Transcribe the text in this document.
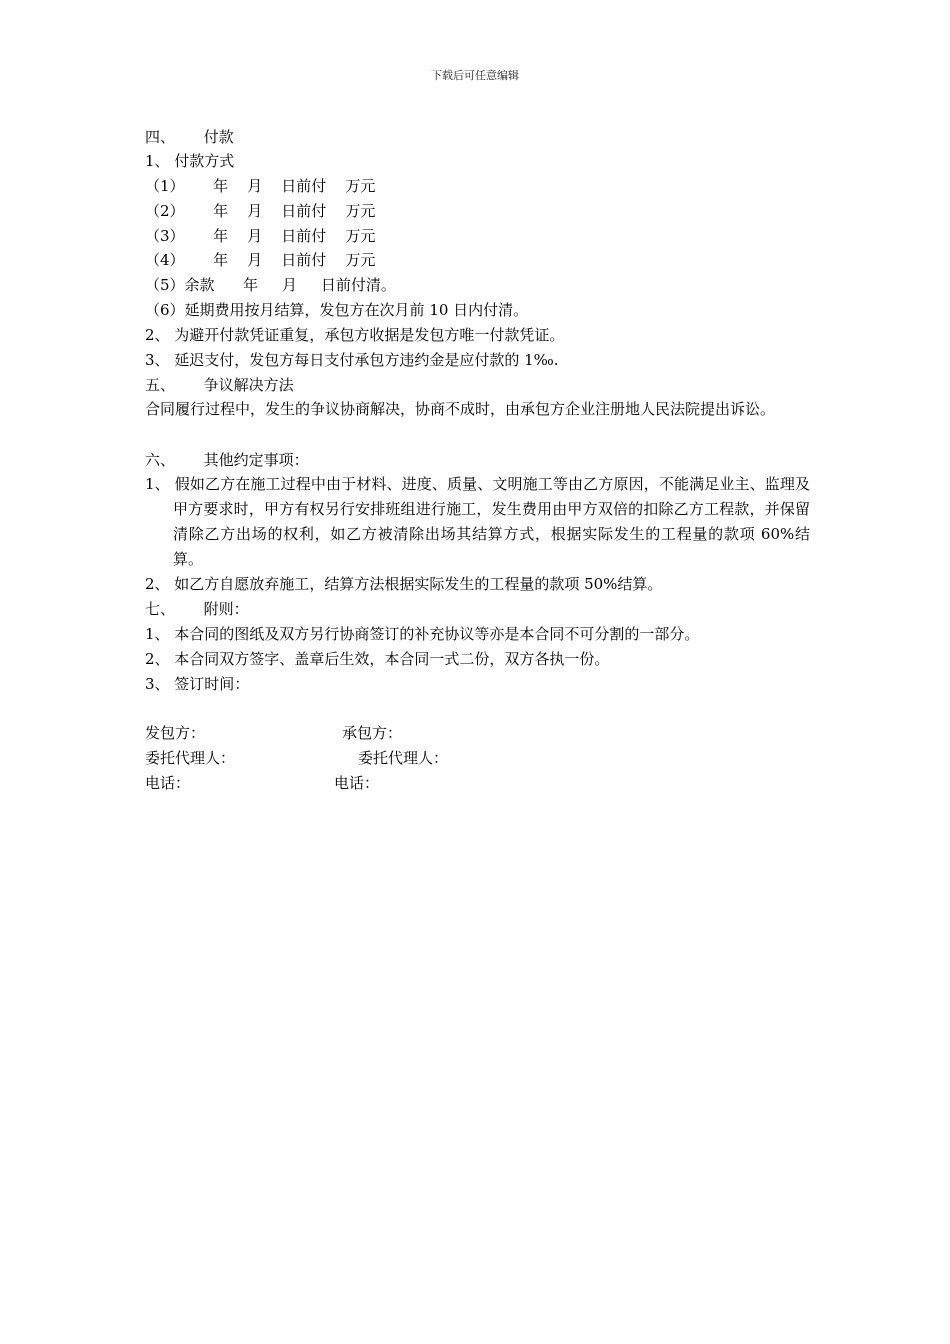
下载后可任意编辑
四、      付款
1、 付款方式
（1）      年    月    日前付    万元
（2）      年    月    日前付    万元
（3）      年    月    日前付    万元
（4）      年    月    日前付    万元
（5）余款      年     月     日前付清。
（6）延期费用按月结算，发包方在次月前 10 日内付清。
2、 为避开付款凭证重复，承包方收据是发包方唯一付款凭证。
3、 延迟支付，发包方每日支付承包方违约金是应付款的 1‰.
五、      争议解决方法
合同履行过程中，发生的争议协商解决，协商不成时，由承包方企业注册地人民法院提出诉讼。
六、      其他约定事项：
1、 假如乙方在施工过程中由于材料、进度、质量、文明施工等由乙方原因，不能满足业主、监理及甲方要求时，甲方有权另行安排班组进行施工，发生费用由甲方双倍的扣除乙方工程款，并保留清除乙方出场的权利，如乙方被清除出场其结算方式，根据实际发生的工程量的款项 60%结算。
2、 如乙方自愿放弃施工，结算方法根据实际发生的工程量的款项 50%结算。
七、      附则：
1、 本合同的图纸及双方另行协商签订的补充协议等亦是本合同不可分割的一部分。
2、 本合同双方签字、盖章后生效，本合同一式二份，双方各执一份。
3、 签订时间：
发包方：	承包方：
委托代理人：	委托代理人：
电话：	电话：
